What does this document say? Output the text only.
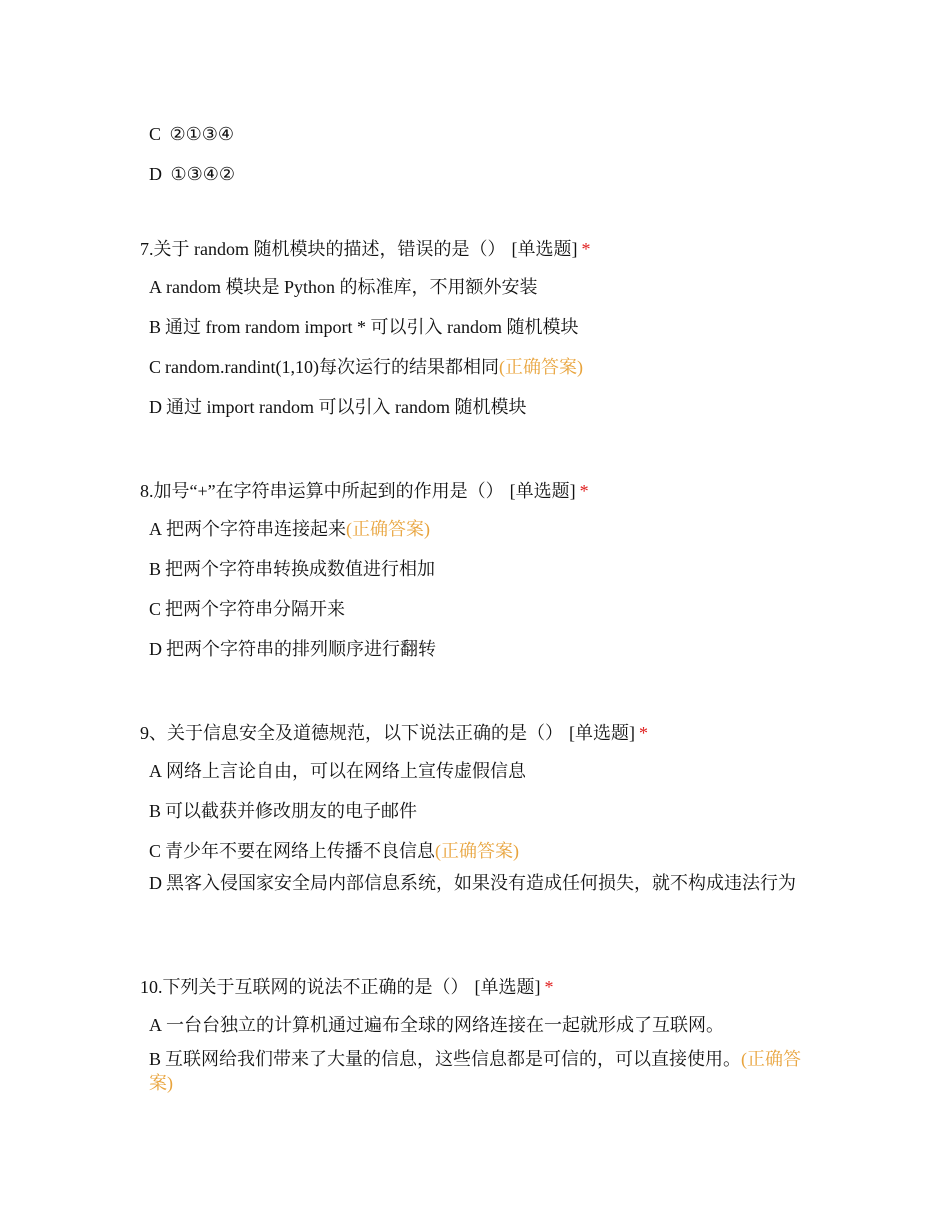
C ②①③④
D ①③④②
7.关于 random 随机模块的描述，错误的是（） [单选题] *
A random 模块是 Python 的标准库，不用额外安装
B 通过 from random import * 可以引入 random 随机模块
C random.randint(1,10)每次运行的结果都相同(正确答案)
D 通过 import random 可以引入 random 随机模块
8.加号“+”在字符串运算中所起到的作用是（） [单选题] *
A 把两个字符串连接起来(正确答案)
B 把两个字符串转换成数值进行相加
C 把两个字符串分隔开来
D 把两个字符串的排列顺序进行翻转
9、关于信息安全及道德规范，以下说法正确的是（） [单选题] *
A 网络上言论自由，可以在网络上宣传虚假信息
B 可以截获并修改朋友的电子邮件
C 青少年不要在网络上传播不良信息(正确答案)
D 黑客入侵国家安全局内部信息系统，如果没有造成任何损失，就不构成违法行为
10.下列关于互联网的说法不正确的是（） [单选题] *
A 一台台独立的计算机通过遍布全球的网络连接在一起就形成了互联网。
B 互联网给我们带来了大量的信息，这些信息都是可信的，可以直接使用。(正确答案)
